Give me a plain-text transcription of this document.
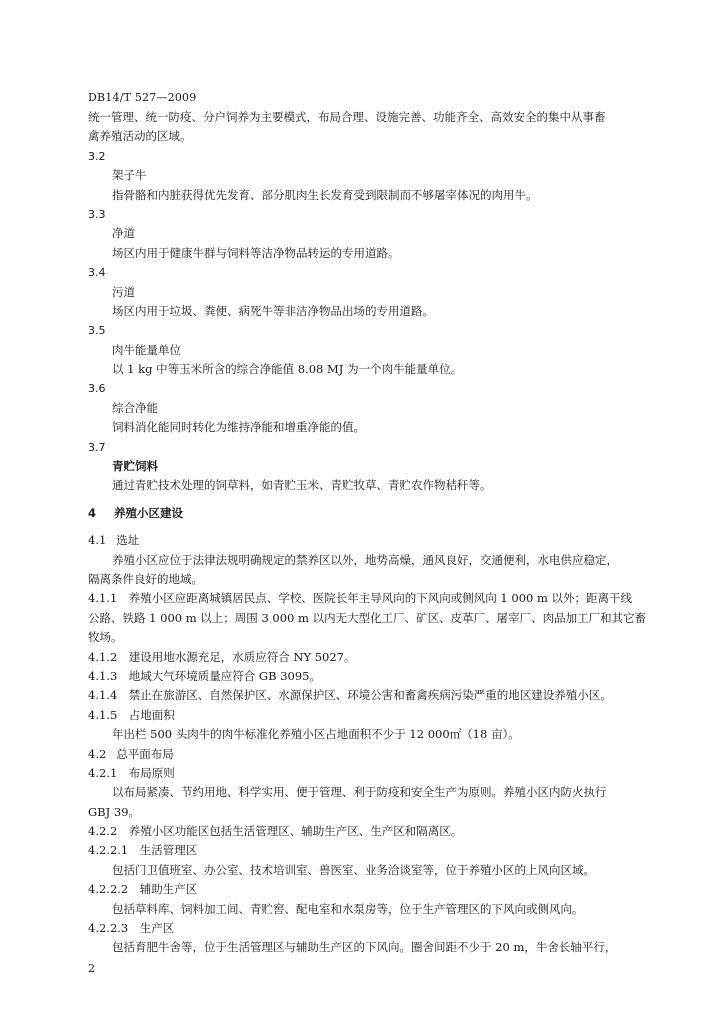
DB14/T 527—2009
统一管理、统一防疫、分户饲养为主要模式，布局合理、设施完善、功能齐全、高效安全的集中从事畜
禽养殖活动的区域。
3.2
架子牛
指骨骼和内脏获得优先发育、部分肌肉生长发育受到限制而不够屠宰体况的肉用牛。
3.3
净道
场区内用于健康牛群与饲料等洁净物品转运的专用道路。
3.4
污道
场区内用于垃圾、粪便、病死牛等非洁净物品出场的专用道路。
3.5
肉牛能量单位
以 1 kg 中等玉米所含的综合净能值 8.08 MJ 为一个肉牛能量单位。
3.6
综合净能
饲料消化能同时转化为维持净能和增重净能的值。
3.7
青贮饲料
通过青贮技术处理的饲草料，如青贮玉米、青贮牧草、青贮农作物秸秆等。
4 养殖小区建设
4.1 选址
养殖小区应位于法律法规明确规定的禁养区以外，地势高燥，通风良好，交通便利，水电供应稳定，
隔离条件良好的地域。
4.1.1　养殖小区应距离城镇居民点、学校、医院长年主导风向的下风向或侧风向 1 000 m 以外；距离干线
公路、铁路 1 000 m 以上；周围 3 000 m 以内无大型化工厂、矿区、皮革厂、屠宰厂、肉品加工厂和其它畜
牧场。
4.1.2　建设用地水源充足，水质应符合 NY 5027。
4.1.3　地域大气环境质量应符合 GB 3095。
4.1.4　禁止在旅游区、自然保护区、水源保护区、环境公害和畜禽疾病污染严重的地区建设养殖小区。
4.1.5　占地面积
年出栏 500 头肉牛的肉牛标准化养殖小区占地面积不少于 12 000㎡（18 亩）。
4.2 总平面布局
4.2.1　布局原则
以布局紧凑、节约用地、科学实用、便于管理、利于防疫和安全生产为原则。养殖小区内防火执行
GBJ 39。
4.2.2　养殖小区功能区包括生活管理区、辅助生产区、生产区和隔离区。
4.2.2.1　生活管理区
包括门卫值班室、办公室、技术培训室、兽医室、业务洽谈室等，位于养殖小区的上风向区域。
4.2.2.2　辅助生产区
包括草料库、饲料加工间、青贮窖、配电室和水泵房等，位于生产管理区的下风向或侧风向。
4.2.2.3　生产区
包括育肥牛舍等，位于生活管理区与辅助生产区的下风向。圈舍间距不少于 20 m，牛舍长轴平行，
2
